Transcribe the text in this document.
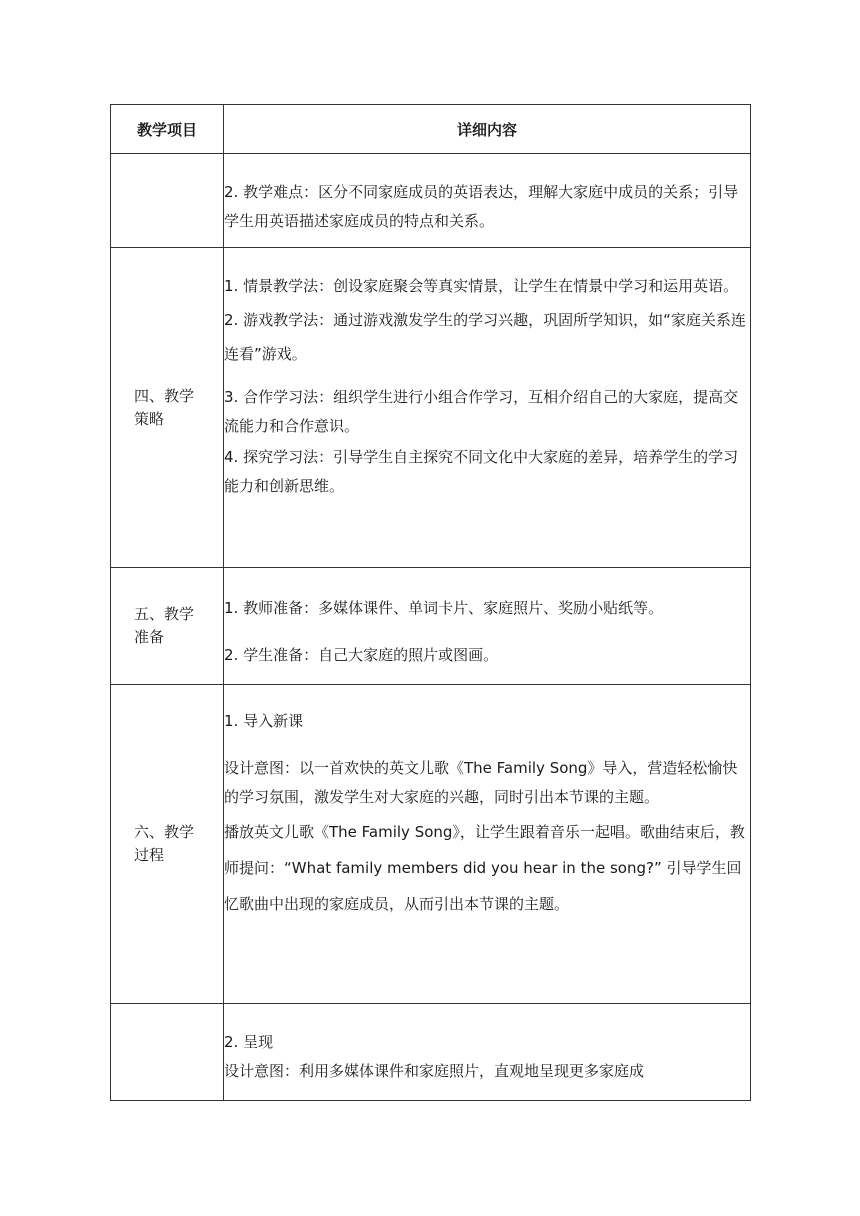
教学项目	详细内容

	2. 教学难点：区分不同家庭成员的英语表达，理解大家庭中成员的关系；引导学生用英语描述家庭成员的特点和关系。

四、教学策略	1. 情景教学法：创设家庭聚会等真实情景，让学生在情景中学习和运用英语。

2. 游戏教学法：通过游戏激发学生的学习兴趣，巩固所学知识，如“家庭关系连连看”游戏。

3. 合作学习法：组织学生进行小组合作学习，互相介绍自己的大家庭，提高交流能力和合作意识。

4. 探究学习法：引导学生自主探究不同文化中大家庭的差异，培养学生的学习能力和创新思维。

五、教学准备	1. 教师准备：多媒体课件、单词卡片、家庭照片、奖励小贴纸等。

2. 学生准备：自己大家庭的照片或图画。

六、教学过程	1. 导入新课

设计意图：以一首欢快的英文儿歌《The Family Song》导入，营造轻松愉快的学习氛围，激发学生对大家庭的兴趣，同时引出本节课的主题。

播放英文儿歌《The Family Song》，让学生跟着音乐一起唱。歌曲结束后，教师提问：“What family members did you hear in the song?” 引导学生回忆歌曲中出现的家庭成员，从而引出本节课的主题。

	2. 呈现

设计意图：利用多媒体课件和家庭照片，直观地呈现更多家庭成
